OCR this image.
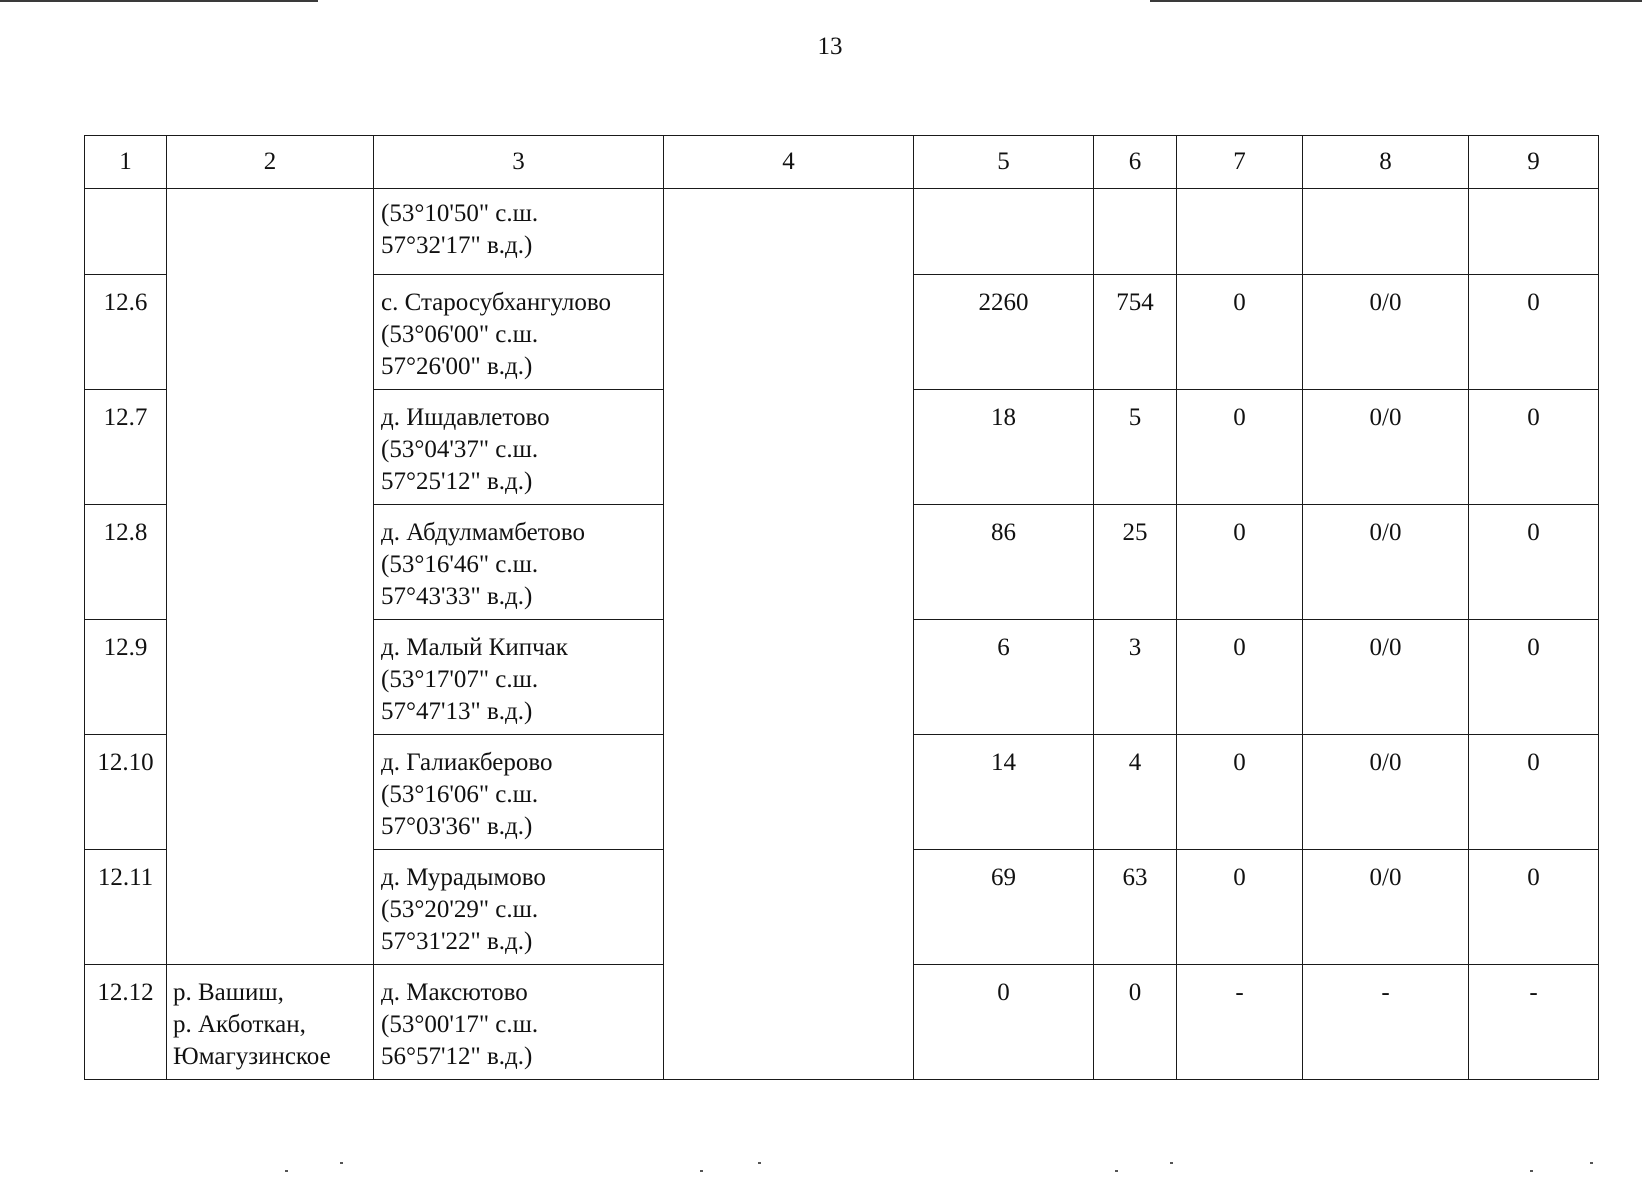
13
1	2	3	4	5	6	7	8	9

		(53°10'50" с.ш.
57°32'17" в.д.)						

12.6		с. Старосубхангулово
(53°06'00" с.ш.
57°26'00" в.д.)		2260	754	0	0/0	0
12.7		д. Ишдавлетово
(53°04'37" с.ш.
57°25'12" в.д.)		18	5	0	0/0	0
12.8		д. Абдулмамбетово
(53°16'46" с.ш.
57°43'33" в.д.)		86	25	0	0/0	0
12.9		д. Малый Кипчак
(53°17'07" с.ш.
57°47'13" в.д.)		6	3	0	0/0	0
12.10		д. Галиакберово
(53°16'06" с.ш.
57°03'36" в.д.)		14	4	0	0/0	0
12.11		д. Мурадымово
(53°20'29" с.ш.
57°31'22" в.д.)		69	63	0	0/0	0
12.12	р. Вашиш,
р. Акботкан,
Юмагузинское	д. Максютово
(53°00'17" с.ш.
56°57'12" в.д.)		0	0	-	-	-
